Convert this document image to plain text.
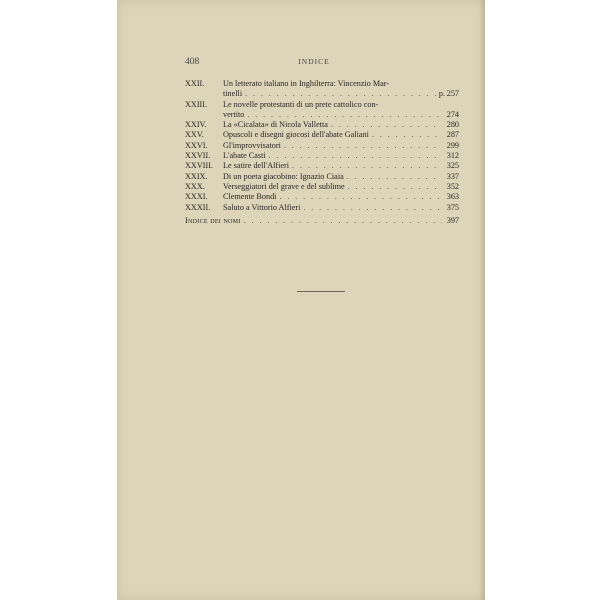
408	INDICE
XXII.	Un letterato italiano in Inghilterra: Vincenzio Mar-
tinelli . . .	p. 257
XXIII.	Le novelle protestanti di un prete cattolico con-
vertito . . .	274
XXIV.	La «Cicalata» di Nicola Valletta . . .	280
XXV.	Opuscoli e disegni giocosi dell'abate Galiani . . .	287
XXVI.	Gl'improvvisatori . . .	299
XXVII.	L'abate Casti . . .	312
XXVIII.	Le satire dell'Alfieri . . .	325
XXIX.	Di un poeta giacobino: Ignazio Ciaia . . .	337
XXX.	Verseggiatori del grave e del sublime . . .	352
XXXI.	Clemente Bondi . . .	363
XXXII.	Saluto a Vittorio Alfieri . . .	375
Indice dei nomi . . .	397
